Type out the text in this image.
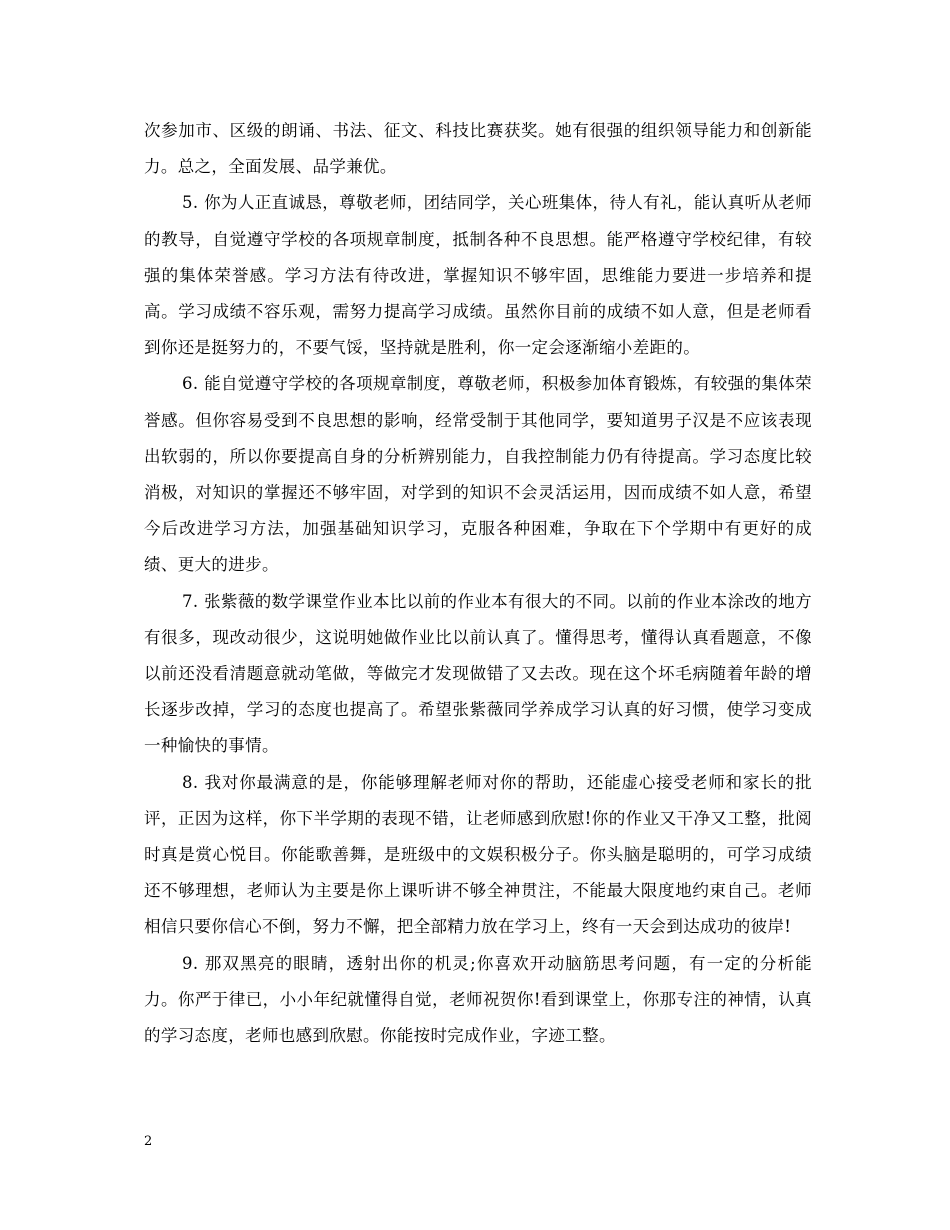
次参加市、区级的朗诵、书法、征文、科技比赛获奖。她有很强的组织领导能力和创新能力。总之，全面发展、品学兼优。

5. 你为人正直诚恳，尊敬老师，团结同学，关心班集体，待人有礼，能认真听从老师的教导，自觉遵守学校的各项规章制度，抵制各种不良思想。能严格遵守学校纪律，有较强的集体荣誉感。学习方法有待改进，掌握知识不够牢固，思维能力要进一步培养和提高。学习成绩不容乐观，需努力提高学习成绩。虽然你目前的成绩不如人意，但是老师看到你还是挺努力的，不要气馁，坚持就是胜利，你一定会逐渐缩小差距的。

6. 能自觉遵守学校的各项规章制度，尊敬老师，积极参加体育锻炼，有较强的集体荣誉感。但你容易受到不良思想的影响，经常受制于其他同学，要知道男子汉是不应该表现出软弱的，所以你要提高自身的分析辨别能力，自我控制能力仍有待提高。学习态度比较消极，对知识的掌握还不够牢固，对学到的知识不会灵活运用，因而成绩不如人意，希望今后改进学习方法，加强基础知识学习，克服各种困难，争取在下个学期中有更好的成绩、更大的进步。

7. 张紫薇的数学课堂作业本比以前的作业本有很大的不同。以前的作业本涂改的地方有很多，现改动很少，这说明她做作业比以前认真了。懂得思考，懂得认真看题意，不像以前还没看清题意就动笔做，等做完才发现做错了又去改。现在这个坏毛病随着年龄的增长逐步改掉，学习的态度也提高了。希望张紫薇同学养成学习认真的好习惯，使学习变成一种愉快的事情。

8. 我对你最满意的是，你能够理解老师对你的帮助，还能虚心接受老师和家长的批评，正因为这样，你下半学期的表现不错，让老师感到欣慰!你的作业又干净又工整，批阅时真是赏心悦目。你能歌善舞，是班级中的文娱积极分子。你头脑是聪明的，可学习成绩还不够理想，老师认为主要是你上课听讲不够全神贯注，不能最大限度地约束自己。老师相信只要你信心不倒，努力不懈，把全部精力放在学习上，终有一天会到达成功的彼岸!

9. 那双黑亮的眼睛，透射出你的机灵;你喜欢开动脑筋思考问题，有一定的分析能力。你严于律已，小小年纪就懂得自觉，老师祝贺你!看到课堂上，你那专注的神情，认真的学习态度，老师也感到欣慰。你能按时完成作业，字迹工整。

2
